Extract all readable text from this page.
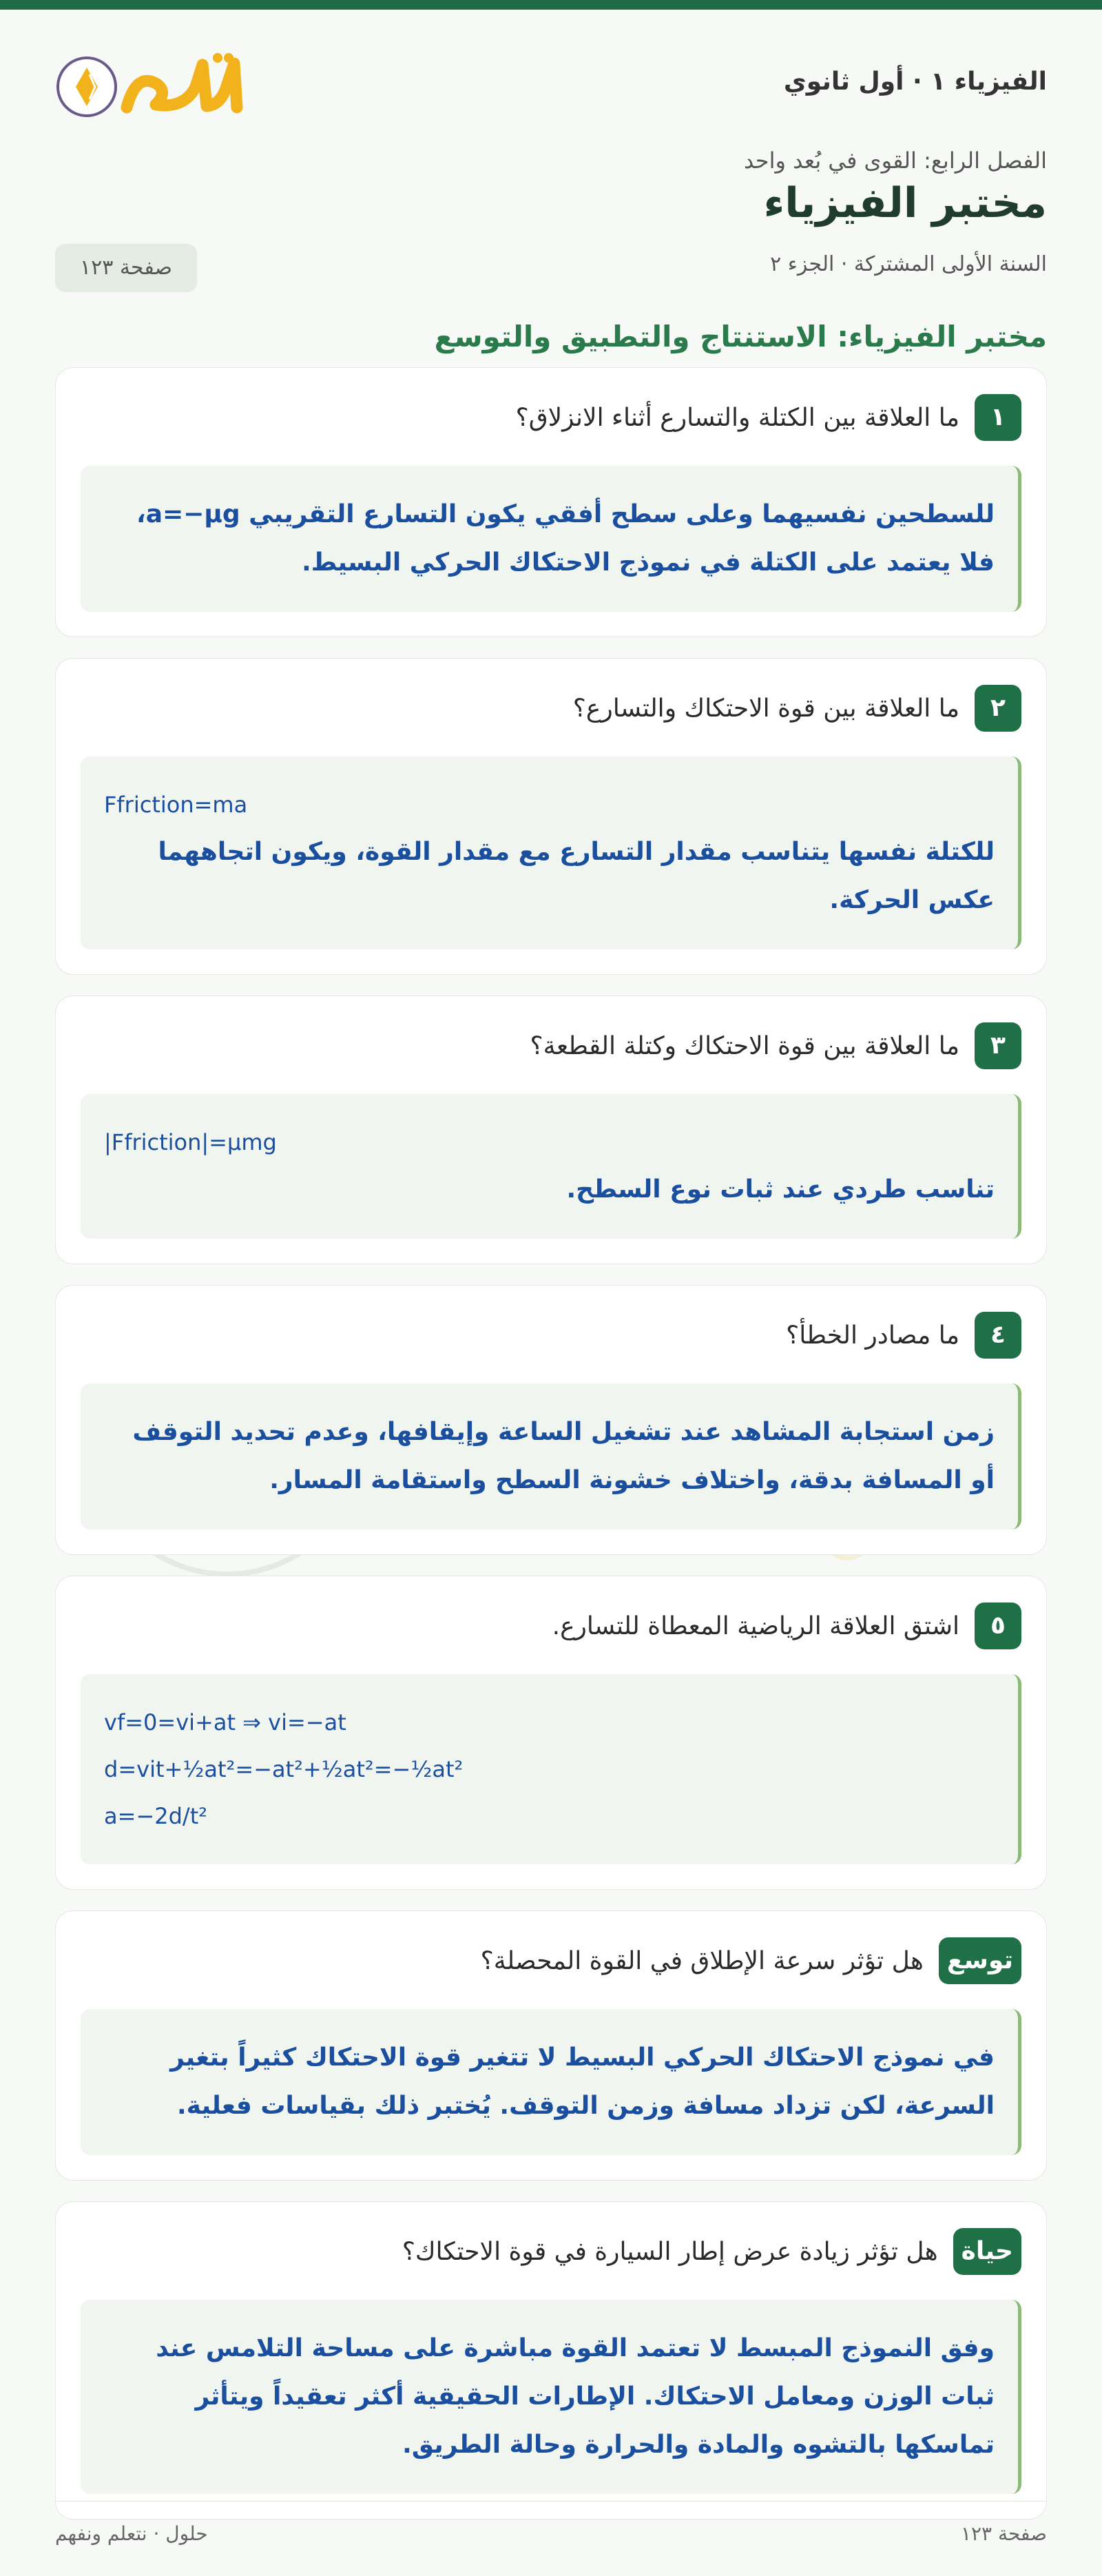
الفيزياء ١ · أول ثانوي
الفصل الرابع: القوى في بُعد واحد
مختبر الفيزياء
السنة الأولى المشتركة · الجزء ٢
صفحة ١٢٣
مختبر الفيزياء: الاستنتاج والتطبيق والتوسع
١
ما العلاقة بين الكتلة والتسارع أثناء الانزلاق؟
للسطحين نفسيهما وعلى سطح أفقي يكون التسارع التقريبي a=−μg، فلا يعتمد على الكتلة في نموذج الاحتكاك الحركي البسيط.
٢
ما العلاقة بين قوة الاحتكاك والتسارع؟
Ffriction=ma
للكتلة نفسها يتناسب مقدار التسارع مع مقدار القوة، ويكون اتجاههما عكس الحركة.
٣
ما العلاقة بين قوة الاحتكاك وكتلة القطعة؟
|Ffriction|=μmg
تناسب طردي عند ثبات نوع السطح.
٤
ما مصادر الخطأ؟
زمن استجابة المشاهد عند تشغيل الساعة وإيقافها، وعدم تحديد التوقف أو المسافة بدقة، واختلاف خشونة السطح واستقامة المسار.
٥
اشتق العلاقة الرياضية المعطاة للتسارع.
vf=0=vi+at ⇒ vi=−at
d=vit+½at²=−at²+½at²=−½at²
a=−2d/t²
توسع
هل تؤثر سرعة الإطلاق في القوة المحصلة؟
في نموذج الاحتكاك الحركي البسيط لا تتغير قوة الاحتكاك كثيراً بتغير السرعة، لكن تزداد مسافة وزمن التوقف. يُختبر ذلك بقياسات فعلية.
حياة
هل تؤثر زيادة عرض إطار السيارة في قوة الاحتكاك؟
وفق النموذج المبسط لا تعتمد القوة مباشرة على مساحة التلامس عند ثبات الوزن ومعامل الاحتكاك. الإطارات الحقيقية أكثر تعقيداً ويتأثر تماسكها بالتشوه والمادة والحرارة وحالة الطريق.
صفحة ١٢٣
حلول · نتعلم ونفهم
